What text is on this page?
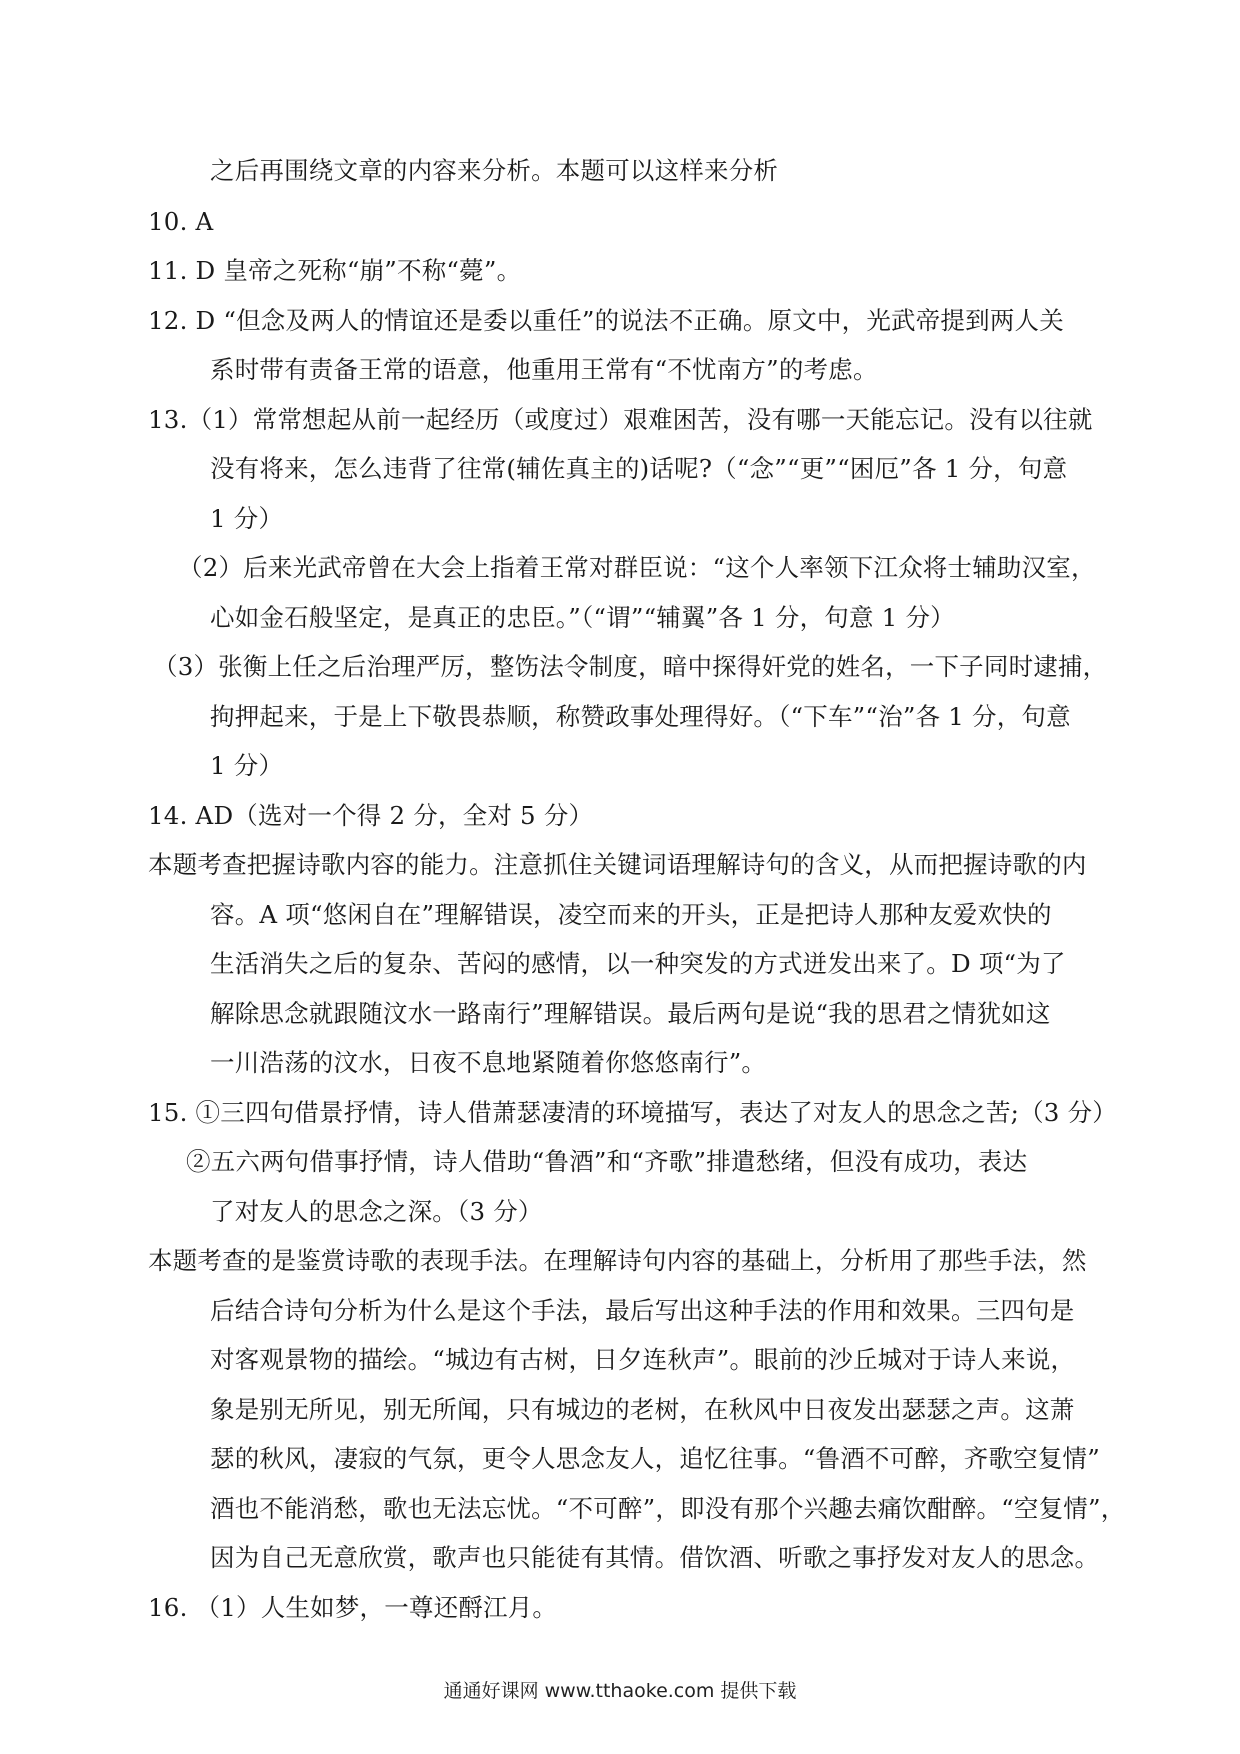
之后再围绕文章的内容来分析。本题可以这样来分析
10. A
11. D 皇帝之死称“崩”不称“薨”。
12. D “但念及两人的情谊还是委以重任”的说法不正确。原文中，光武帝提到两人关
系时带有责备王常的语意，他重用王常有“不忧南方”的考虑。
13.（1）常常想起从前一起经历（或度过）艰难困苦，没有哪一天能忘记。没有以往就
没有将来，怎么违背了往常(辅佐真主的)话呢?（“念”“更”“困厄”各 1 分，句意
1 分）
（2）后来光武帝曾在大会上指着王常对群臣说：“这个人率领下江众将士辅助汉室，
心如金石般坚定，是真正的忠臣。”（“谓”“辅翼”各 1 分，句意 1 分）
（3）张衡上任之后治理严厉，整饬法令制度，暗中探得奸党的姓名，一下子同时逮捕，
拘押起来，于是上下敬畏恭顺，称赞政事处理得好。（“下车”“治”各 1 分，句意
1 分）
14. AD（选对一个得 2 分，全对 5 分）
本题考查把握诗歌内容的能力。注意抓住关键词语理解诗句的含义，从而把握诗歌的内
容。A 项“悠闲自在”理解错误，凌空而来的开头，正是把诗人那种友爱欢快的
生活消失之后的复杂、苦闷的感情，以一种突发的方式迸发出来了。D 项“为了
解除思念就跟随汶水一路南行”理解错误。最后两句是说“我的思君之情犹如这
一川浩荡的汶水，日夜不息地紧随着你悠悠南行”。
15. ①三四句借景抒情，诗人借萧瑟凄清的环境描写，表达了对友人的思念之苦;（3 分）
②五六两句借事抒情，诗人借助“鲁酒”和“齐歌”排遣愁绪，但没有成功，表达
了对友人的思念之深。（3 分）
本题考查的是鉴赏诗歌的表现手法。在理解诗句内容的基础上，分析用了那些手法，然
后结合诗句分析为什么是这个手法，最后写出这种手法的作用和效果。三四句是
对客观景物的描绘。“城边有古树，日夕连秋声”。眼前的沙丘城对于诗人来说，
象是别无所见，别无所闻，只有城边的老树，在秋风中日夜发出瑟瑟之声。这萧
瑟的秋风，凄寂的气氛，更令人思念友人，追忆往事。“鲁酒不可醉，齐歌空复情”
酒也不能消愁，歌也无法忘忧。“不可醉”，即没有那个兴趣去痛饮酣醉。“空复情”，
因为自己无意欣赏，歌声也只能徒有其情。借饮酒、听歌之事抒发对友人的思念。
16. （1）人生如梦，一尊还酹江月。
通通好课网 www.tthaoke.com 提供下载
